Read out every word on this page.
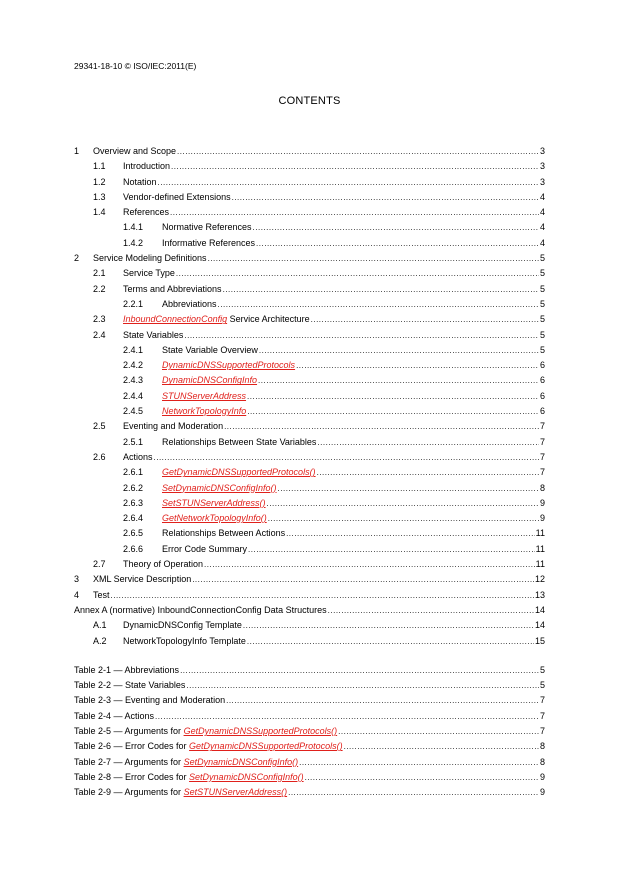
29341-18-10 © ISO/IEC:2011(E)
CONTENTS
1	Overview and Scope .....	3
1.1	Introduction .....	3
1.2	Notation .....	3
1.3	Vendor-defined Extensions .....	4
1.4	References .....	4
1.4.1	Normative References .....	4
1.4.2	Informative References .....	4
2	Service Modeling Definitions .....	5
2.1	Service Type .....	5
2.2	Terms and Abbreviations .....	5
2.2.1	Abbreviations .....	5
2.3	InboundConnectionConfig Service Architecture .....	5
2.4	State Variables .....	5
2.4.1	State Variable Overview .....	5
2.4.2	DynamicDNSSupportedProtocols .....	6
2.4.3	DynamicDNSConfigInfo .....	6
2.4.4	STUNServerAddress .....	6
2.4.5	NetworkTopologyInfo .....	6
2.5	Eventing and Moderation .....	7
2.5.1	Relationships Between State Variables .....	7
2.6	Actions .....	7
2.6.1	GetDynamicDNSSupportedProtocols() .....	7
2.6.2	SetDynamicDNSConfigInfo() .....	8
2.6.3	SetSTUNServerAddress() .....	9
2.6.4	GetNetworkTopologyInfo() .....	9
2.6.5	Relationships Between Actions .....	11
2.6.6	Error Code Summary .....	11
2.7	Theory of Operation .....	11
3	XML Service Description .....	12
4	Test .....	13
Annex A (normative) InboundConnectionConfig Data Structures .....	14
A.1	DynamicDNSConfig Template .....	14
A.2	NetworkTopologyInfo Template .....	15
Table 2-1 — Abbreviations .....	5
Table 2-2 — State Variables .....	5
Table 2-3 — Eventing and Moderation .....	7
Table 2-4 — Actions .....	7
Table 2-5 — Arguments for GetDynamicDNSSupportedProtocols() .....	7
Table 2-6 — Error Codes for GetDynamicDNSSupportedProtocols() .....	8
Table 2-7 — Arguments for SetDynamicDNSConfigInfo() .....	8
Table 2-8 — Error Codes for SetDynamicDNSConfigInfo() .....	9
Table 2-9 — Arguments for SetSTUNServerAddress() .....	9
